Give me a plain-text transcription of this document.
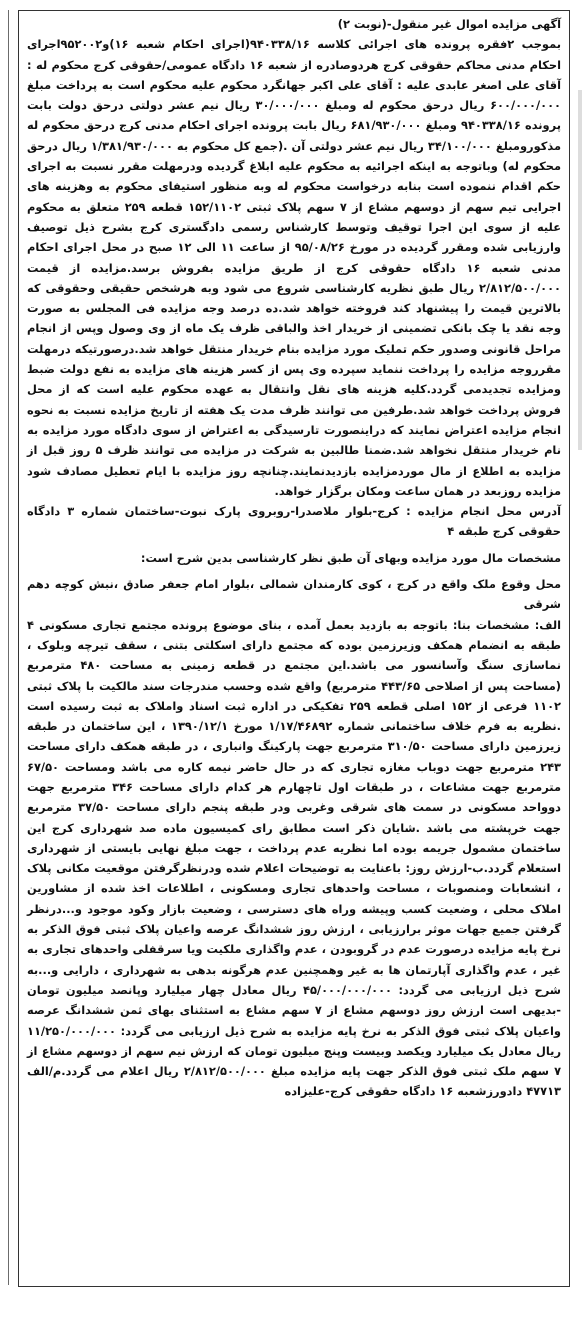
آگهی مزایده اموال غیر منقول-(نوبت ۲)

بموجب ۲فقره پرونده های اجرائی کلاسه ۹۴۰۳۳۸/۱۶(اجرای احکام شعبه ۱۶)و۹۵۲۰۰۲اجرای احکام مدنی محاکم حقوقی کرج هردوصادره از شعبه ۱۶ دادگاه عمومی/حقوقی کرج محکوم له : آقای علی اصغر عابدی علیه : آقای علی اکبر جهانگرد محکوم علیه محکوم است به پرداخت مبلغ ۶۰۰/۰۰۰/۰۰۰ ریال درحق محکوم له ومبلغ ۳۰/۰۰۰/۰۰۰ ریال نیم عشر دولتی درحق دولت بابت پرونده ۹۴۰۳۳۸/۱۶ ومبلغ ۶۸۱/۹۳۰/۰۰۰ ریال بابت پرونده اجرای احکام مدنی کرج درحق محکوم له مذکورومبلغ ۳۴/۱۰۰/۰۰۰ ریال نیم عشر دولتی آن .(جمع کل محکوم به ۱/۳۸۱/۹۳۰/۰۰۰ ریال درحق محکوم له) وباتوجه به اینکه اجرائیه به محکوم علیه ابلاغ گردیده ودرمهلت مقرر نسبت به اجرای حکم اقدام ننموده است بنابه درخواست محکوم له وبه منظور استیفای محکوم به وهزینه های اجرایی تیم سهم از دوسهم مشاع از ۷ سهم پلاک ثبتی ۱۵۲/۱۱۰۲ قطعه ۲۵۹ متعلق به محکوم علیه از سوی این اجرا توقیف وتوسط کارشناس رسمی دادگستری کرج بشرح ذیل توصیف وارزیابی شده ومقرر گردیده در مورخ ۹۵/۰۸/۲۶ از ساعت ۱۱ الی ۱۲ صبح در محل اجرای احکام مدنی شعبه ۱۶ دادگاه حقوقی کرج از طریق مزایده بفروش برسد.مزایده از قیمت ۲/۸۱۲/۵۰۰/۰۰۰ ریال طبق نظریه کارشناسی شروع می شود وبه هرشخص حقیقی وحقوقی که بالاترین قیمت را پیشنهاد کند فروخته خواهد شد.ده درصد وجه مزایده فی المجلس به صورت وجه نقد یا چک بانکی تضمینی از خریدار اخذ والباقی ظرف یک ماه از وی وصول وپس از انجام مراحل قانونی وصدور حکم تملیک مورد مزایده بنام خریدار منتقل خواهد شد.درصورتیکه درمهلت مقرروجه مزایده را پرداخت ننماید سپرده وی پس از کسر هزینه های مزایده به نفع دولت ضبط ومزایده تجدیدمی گردد.کلیه هزینه های نقل وانتقال به عهده محکوم علیه است که از محل فروش پرداخت خواهد شد.طرفین می توانند ظرف مدت یک هفته از تاریخ مزایده نسبت به نحوه انجام مزایده اعتراض نمایند که دراینصورت تارسیدگی به اعتراض از سوی دادگاه مورد مزایده به نام خریدار منتقل نخواهد شد.ضمنا طالبین به شرکت در مزایده می توانند ظرف ۵ روز قبل از مزایده به اطلاع از مال موردمزایده بازدیدنمایند.چنانچه روز مزایده با ایام تعطیل مصادف شود مزایده روزبعد در همان ساعت ومکان برگزار خواهد.

آدرس محل انجام مزایده : کرج-بلوار ملاصدرا-روبروی پارک نبوت-ساختمان شماره ۳ دادگاه حقوقی کرج طبقه ۴

مشخصات مال مورد مزایده وبهای آن طبق نظر کارشناسی بدین شرح است:

محل وقوع ملک واقع در کرج ، کوی کارمندان شمالی ،بلوار امام جعفر صادق ،نبش کوچه دهم شرقی

الف: مشخصات بنا: باتوجه به بازدید بعمل آمده ، بنای موضوع پرونده مجتمع تجاری مسکونی ۴ طبقه به انضمام همکف وزیرزمین بوده که مجتمع دارای اسکلتی بتنی ، سقف تیرچه وبلوک ، نماسازی سنگ وآسانسور می باشد.این مجتمع در قطعه زمینی به مساحت ۴۸۰ مترمربع (مساحت پس از اصلاحی ۴۴۳/۶۵ مترمربع) واقع شده وحسب مندرجات سند مالکیت با پلاک ثبتی ۱۱۰۲ فرعی از ۱۵۲ اصلی قطعه ۲۵۹ تفکیکی در اداره ثبت اسناد واملاک به ثبت رسیده است .نظریه به فرم خلاف ساختمانی شماره ۱/۱۷/۴۶۸۹۲ مورخ ۱۳۹۰/۱۲/۱ ، این ساختمان در طبقه زیرزمین دارای مساحت ۳۱۰/۵۰ مترمربع جهت پارکینگ وانباری ، در طبقه همکف دارای مساحت ۲۴۳ مترمربع جهت دوباب مغازه تجاری که در حال حاضر نیمه کاره می باشد ومساحت ۶۷/۵۰ مترمربع جهت مشاعات ، در طبقات اول تاچهارم هر کدام دارای مساحت ۳۴۶ مترمربع جهت دوواحد مسکونی در سمت های شرقی وغربی ودر طبقه پنجم دارای مساحت ۳۷/۵۰ مترمربع جهت خرپشته می باشد .شایان ذکر است مطابق رای کمیسیون ماده صد شهرداری کرج این ساختمان مشمول جریمه بوده اما نظریه عدم پرداخت ، جهت مبلغ نهایی بایستی از شهرداری استعلام گردد.ب-ارزش روز: باعنایت به توضیحات اعلام شده ودرنظرگرفتن موقعیت مکانی پلاک ، انشعابات ومنصوبات ، مساحت واحدهای تجاری ومسکونی ، اطلاعات اخذ شده از مشاورین املاک محلی ، وضعیت کسب وپیشه وراه های دسترسی ، وضعیت بازار وکود موجود و...درنظر گرفتن جمیع جهات موثر برارزیابی ، ارزش روز ششدانگ عرصه واعیان پلاک ثبتی فوق الذکر به نرخ پایه مزایده درصورت عدم در گروبودن ، عدم واگذاری ملکیت ویا سرقفلی واحدهای تجاری به غیر ، عدم واگذاری آپارتمان ها به غیر وهمچنین عدم هرگونه بدهی به شهرداری ، دارایی و...به شرح ذیل ارزیابی می گردد: ۴۵/۰۰۰/۰۰۰/۰۰۰ ریال معادل چهار میلیارد وپانصد میلیون تومان -بدیهی است ارزش روز دوسهم مشاع از ۷ سهم مشاع به استثنای بهای ثمن ششدانگ عرصه واعیان پلاک ثبتی فوق الذکر به نرخ پایه مزایده به شرح ذیل ارزیابی می گردد: ۱۱/۲۵۰/۰۰۰/۰۰۰ ریال معادل یک میلیارد ویکصد وبیست وپنج میلیون تومان که ارزش نیم سهم از دوسهم مشاع از ۷ سهم ملک ثبتی فوق الذکر جهت پایه مزایده مبلغ ۲/۸۱۲/۵۰۰/۰۰۰ ریال اعلام می گردد.م/الف ۴۷۷۱۳ دادورزشعبه ۱۶ دادگاه حقوقی کرج-علیزاده
